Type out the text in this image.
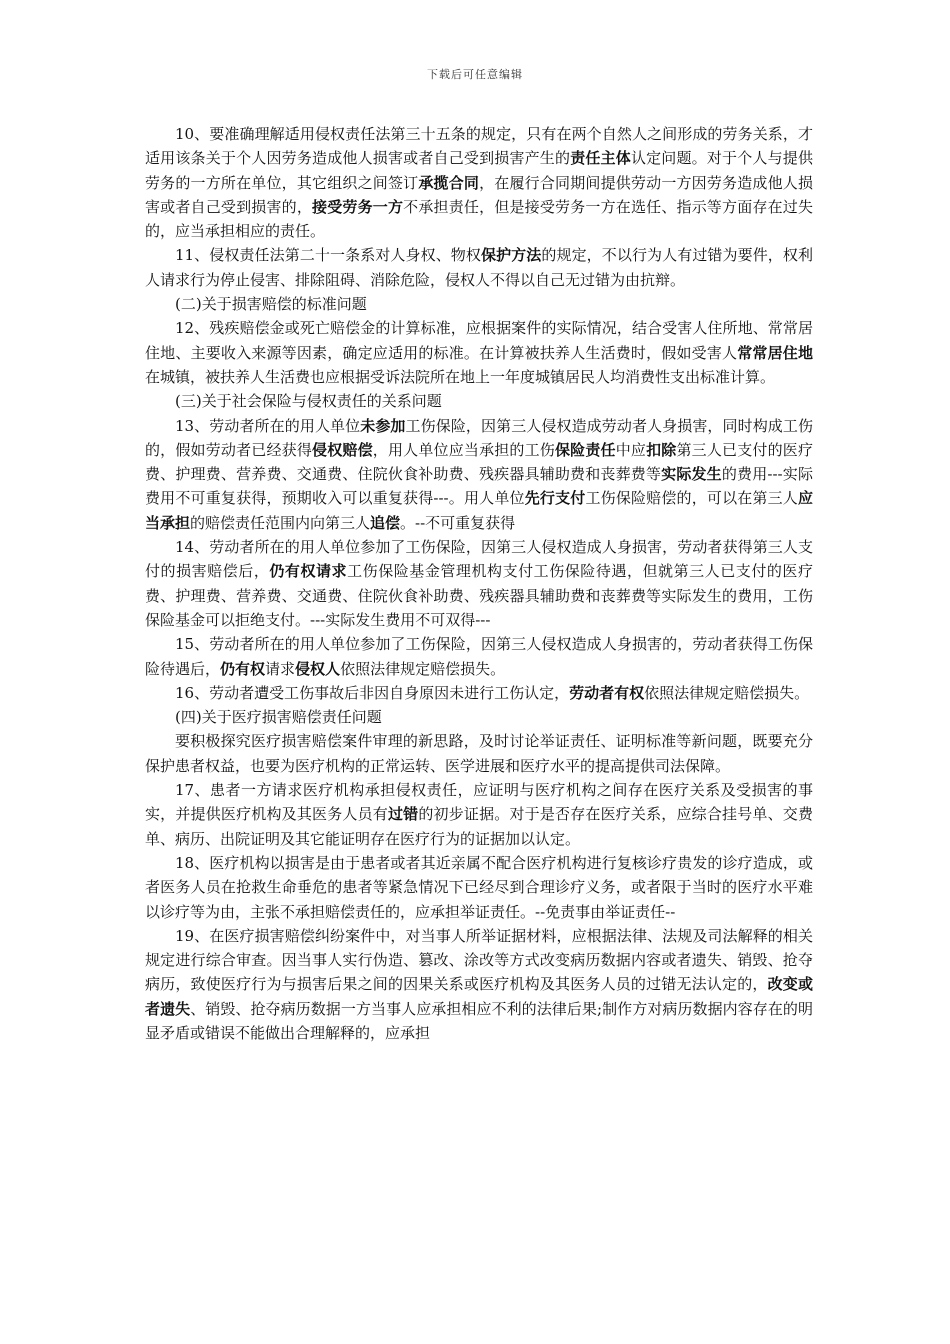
下载后可任意编辑

10、要准确理解适用侵权责任法第三十五条的规定，只有在两个自然人之间形成的劳务关系，才适用该条关于个人因劳务造成他人损害或者自己受到损害产生的责任主体认定问题。对于个人与提供劳务的一方所在单位，其它组织之间签订承揽合同，在履行合同期间提供劳动一方因劳务造成他人损害或者自己受到损害的，接受劳务一方不承担责任，但是接受劳务一方在选任、指示等方面存在过失的，应当承担相应的责任。

11、侵权责任法第二十一条系对人身权、物权保护方法的规定，不以行为人有过错为要件，权利人请求行为停止侵害、排除阻碍、消除危险，侵权人不得以自己无过错为由抗辩。

(二)关于损害赔偿的标准问题

12、残疾赔偿金或死亡赔偿金的计算标准，应根据案件的实际情况，结合受害人住所地、常常居住地、主要收入来源等因素，确定应适用的标准。在计算被扶养人生活费时，假如受害人常常居住地在城镇，被扶养人生活费也应根据受诉法院所在地上一年度城镇居民人均消费性支出标准计算。

(三)关于社会保险与侵权责任的关系问题

13、劳动者所在的用人单位未参加工伤保险，因第三人侵权造成劳动者人身损害，同时构成工伤的，假如劳动者已经获得侵权赔偿，用人单位应当承担的工伤保险责任中应扣除第三人已支付的医疗费、护理费、营养费、交通费、住院伙食补助费、残疾器具辅助费和丧葬费等实际发生的费用---实际费用不可重复获得，预期收入可以重复获得---。用人单位先行支付工伤保险赔偿的，可以在第三人应当承担的赔偿责任范围内向第三人追偿。--不可重复获得

14、劳动者所在的用人单位参加了工伤保险，因第三人侵权造成人身损害，劳动者获得第三人支付的损害赔偿后，仍有权请求工伤保险基金管理机构支付工伤保险待遇，但就第三人已支付的医疗费、护理费、营养费、交通费、住院伙食补助费、残疾器具辅助费和丧葬费等实际发生的费用，工伤保险基金可以拒绝支付。---实际发生费用不可双得---

15、劳动者所在的用人单位参加了工伤保险，因第三人侵权造成人身损害的，劳动者获得工伤保险待遇后，仍有权请求侵权人依照法律规定赔偿损失。

16、劳动者遭受工伤事故后非因自身原因未进行工伤认定，劳动者有权依照法律规定赔偿损失。

(四)关于医疗损害赔偿责任问题

要积极探究医疗损害赔偿案件审理的新思路，及时讨论举证责任、证明标准等新问题，既要充分保护患者权益，也要为医疗机构的正常运转、医学进展和医疗水平的提高提供司法保障。

17、患者一方请求医疗机构承担侵权责任，应证明与医疗机构之间存在医疗关系及受损害的事实，并提供医疗机构及其医务人员有过错的初步证据。对于是否存在医疗关系，应综合挂号单、交费单、病历、出院证明及其它能证明存在医疗行为的证据加以认定。

18、医疗机构以损害是由于患者或者其近亲属不配合医疗机构进行复核诊疗贵发的诊疗造成，或者医务人员在抢救生命垂危的患者等紧急情况下已经尽到合理诊疗义务，或者限于当时的医疗水平难以诊疗等为由，主张不承担赔偿责任的，应承担举证责任。--免责事由举证责任--

19、在医疗损害赔偿纠纷案件中，对当事人所举证据材料，应根据法律、法规及司法解释的相关规定进行综合审查。因当事人实行伪造、篡改、涂改等方式改变病历数据内容或者遗失、销毁、抢夺病历，致使医疗行为与损害后果之间的因果关系或医疗机构及其医务人员的过错无法认定的，改变或者遗失、销毁、抢夺病历数据一方当事人应承担相应不利的法律后果;制作方对病历数据内容存在的明显矛盾或错误不能做出合理解释的，应承担
